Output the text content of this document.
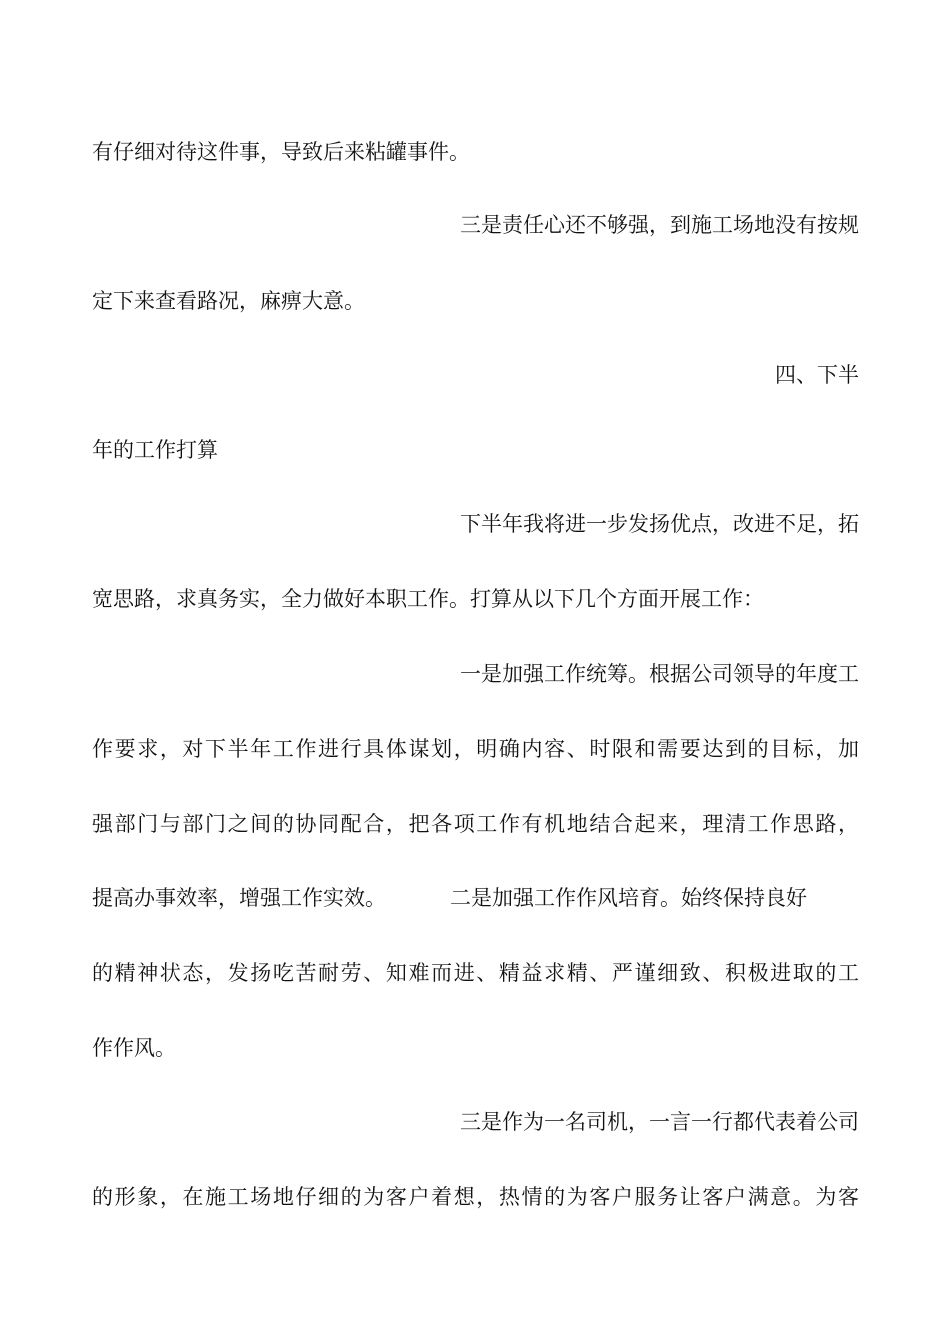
有仔细对待这件事，导致后来粘罐事件。
三是责任心还不够强，到施工场地没有按规
定下来查看路况，麻痹大意。
四、下半
年的工作打算
下半年我将进一步发扬优点，改进不足，拓
宽思路，求真务实，全力做好本职工作。打算从以下几个方面开展工作：
一是加强工作统筹。根据公司领导的年度工
作要求，对下半年工作进行具体谋划，明确内容、时限和需要达到的目标，加
强部门与部门之间的协同配合，把各项工作有机地结合起来，理清工作思路，
提高办事效率，增强工作实效。	二是加强工作作风培育。始终保持良好
的精神状态，发扬吃苦耐劳、知难而进、精益求精、严谨细致、积极进取的工
作作风。
三是作为一名司机，一言一行都代表着公司
的形象，在施工场地仔细的为客户着想，热情的为客户服务让客户满意。为客
